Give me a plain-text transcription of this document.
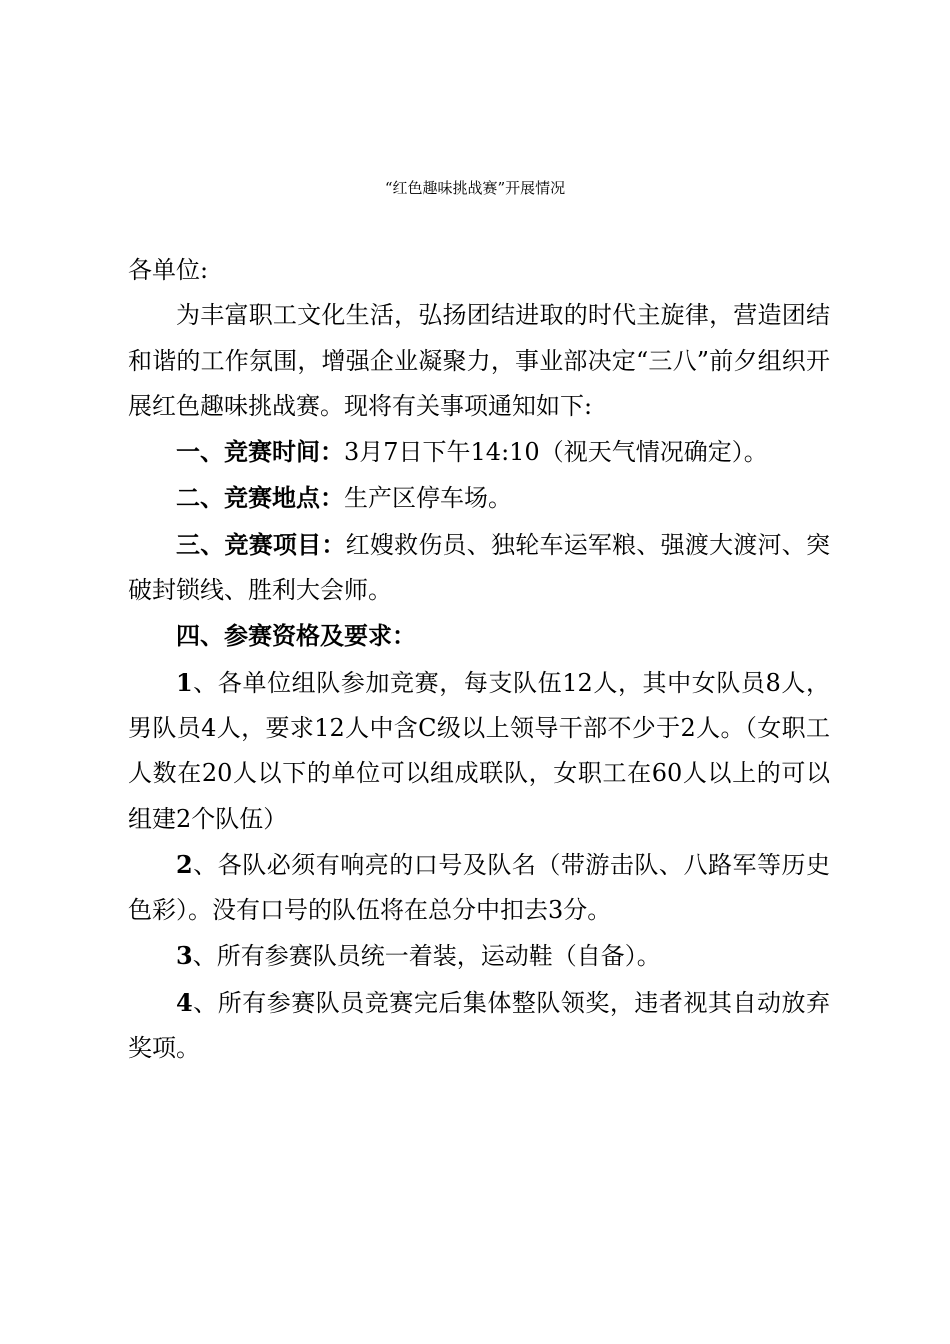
“红色趣味挑战赛”开展情况

各单位:

为丰富职工文化生活，弘扬团结进取的时代主旋律，营造团结和谐的工作氛围，增强企业凝聚力，事业部决定“三八”前夕组织开展红色趣味挑战赛。现将有关事项通知如下:

一、竞赛时间：3月7日下午14:10（视天气情况确定）。

二、竞赛地点：生产区停车场。

三、竞赛项目：红嫂救伤员、独轮车运军粮、强渡大渡河、突破封锁线、胜利大会师。

四、参赛资格及要求：

1、各单位组队参加竞赛，每支队伍12人，其中女队员8人，男队员4人，要求12人中含C级以上领导干部不少于2人。（女职工人数在20人以下的单位可以组成联队，女职工在60人以上的可以组建2个队伍）

2、各队必须有响亮的口号及队名（带游击队、八路军等历史色彩）。没有口号的队伍将在总分中扣去3分。

3、所有参赛队员统一着装，运动鞋（自备）。

4、所有参赛队员竞赛完后集体整队领奖，违者视其自动放弃奖项。
